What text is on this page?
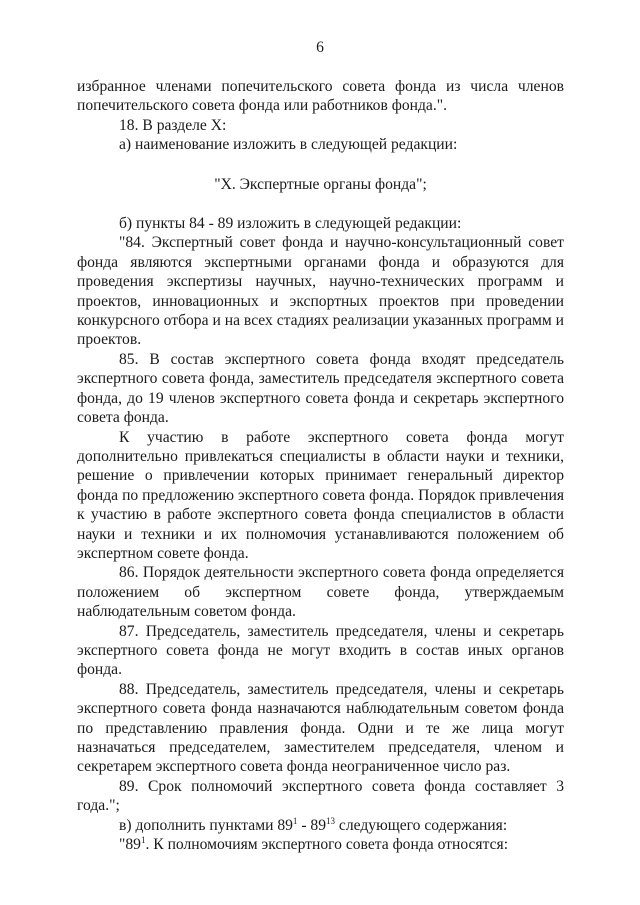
6

избранное членами попечительского совета фонда из числа членов попечительского совета фонда или работников фонда.".

18. В разделе X:

а) наименование изложить в следующей редакции:

"X. Экспертные органы фонда";

б) пункты 84 - 89 изложить в следующей редакции:

"84. Экспертный совет фонда и научно-консультационный совет фонда являются экспертными органами фонда и образуются для проведения экспертизы научных, научно-технических программ и проектов, инновационных и экспортных проектов при проведении конкурсного отбора и на всех стадиях реализации указанных программ и проектов.

85. В состав экспертного совета фонда входят председатель экспертного совета фонда, заместитель председателя экспертного совета фонда, до 19 членов экспертного совета фонда и секретарь экспертного совета фонда.

К участию в работе экспертного совета фонда могут дополнительно привлекаться специалисты в области науки и техники, решение о привлечении которых принимает генеральный директор фонда по предложению экспертного совета фонда. Порядок привлечения к участию в работе экспертного совета фонда специалистов в области науки и техники и их полномочия устанавливаются положением об экспертном совете фонда.

86. Порядок деятельности экспертного совета фонда определяется положением об экспертном совете фонда, утверждаемым наблюдательным советом фонда.

87. Председатель, заместитель председателя, члены и секретарь экспертного совета фонда не могут входить в состав иных органов фонда.

88. Председатель, заместитель председателя, члены и секретарь экспертного совета фонда назначаются наблюдательным советом фонда по представлению правления фонда. Одни и те же лица могут назначаться председателем, заместителем председателя, членом и секретарем экспертного совета фонда неограниченное число раз.

89. Срок полномочий экспертного совета фонда составляет 3 года.";

в) дополнить пунктами $89^1 - 89^{13}$ следующего содержания:

"$89^1$. К полномочиям экспертного совета фонда относятся:
